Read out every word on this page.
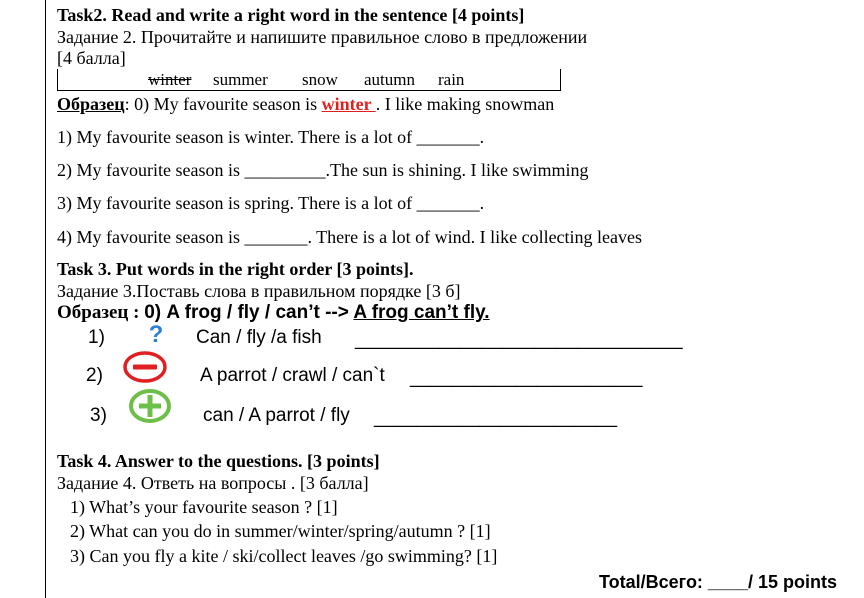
Task2. Read and write a right word in the sentence [4 points]
Задание 2. Прочитайте и напишите правильное слово в предложении
[4 балла]
winter summer snow autumn rain
Образец: 0) My favourite season is winter . I like making snowman
1) My favourite season is winter. There is a lot of _______.
2) My favourite season is _________.The sun is shining. I like swimming
3) My favourite season is spring. There is a lot of _______.
4) My favourite season is _______. There is a lot of wind. I like collecting leaves
Task 3. Put words in the right order [3 points].
Задание 3.Поставь слова в правильном порядке [3 б]
Образец : 0) A frog / fly / can’t --> A frog can’t fly.
1) ? Can / fly /a fish _______________________________
2)	A parrot / crawl / can`t ______________________
3)	can / A parrot / fly _______________________
Task 4. Answer to the questions. [3 points]
Задание 4. Ответь на вопросы . [3 балла]
1) What’s your favourite season ? [1]
2) What can you do in summer/winter/spring/autumn ? [1]
3) Can you fly a kite / ski/collect leaves /go swimming? [1]
Total/Всего: ____/ 15 points
